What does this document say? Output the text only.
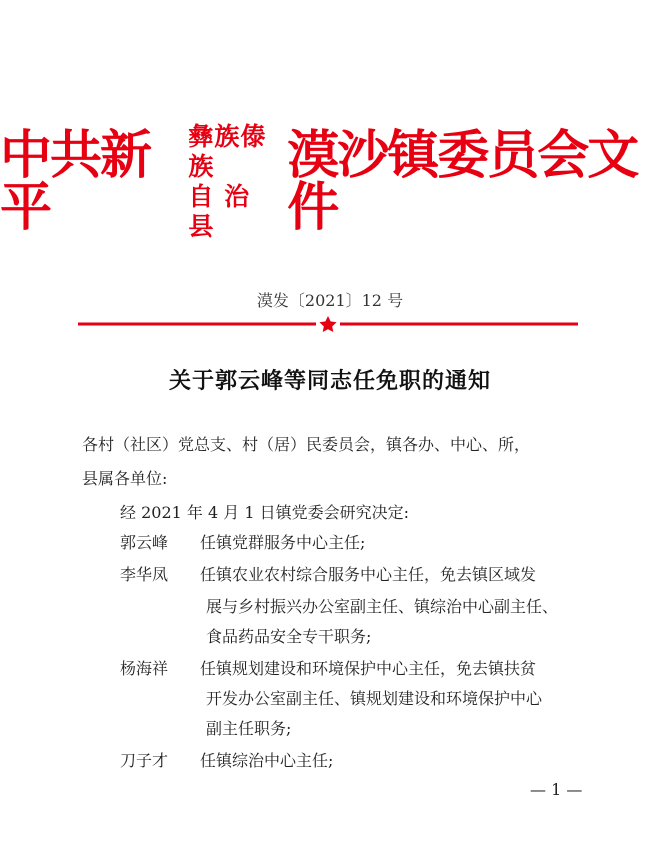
中共新平
彝族傣族
自 治 县
漠沙镇委员会文件
漠发〔2021〕12 号
关于郭云峰等同志任免职的通知
各村（社区）党总支、村（居）民委员会，镇各办、中心、所，
县属各单位:
经 2021 年 4 月 1 日镇党委会研究决定:
郭云峰 任镇党群服务中心主任;
李华凤 任镇农业农村综合服务中心主任，免去镇区域发
展与乡村振兴办公室副主任、镇综治中心副主任、
食品药品安全专干职务;
杨海祥 任镇规划建设和环境保护中心主任，免去镇扶贫
开发办公室副主任、镇规划建设和环境保护中心
副主任职务;
刀子才 任镇综治中心主任;
— 1 —
